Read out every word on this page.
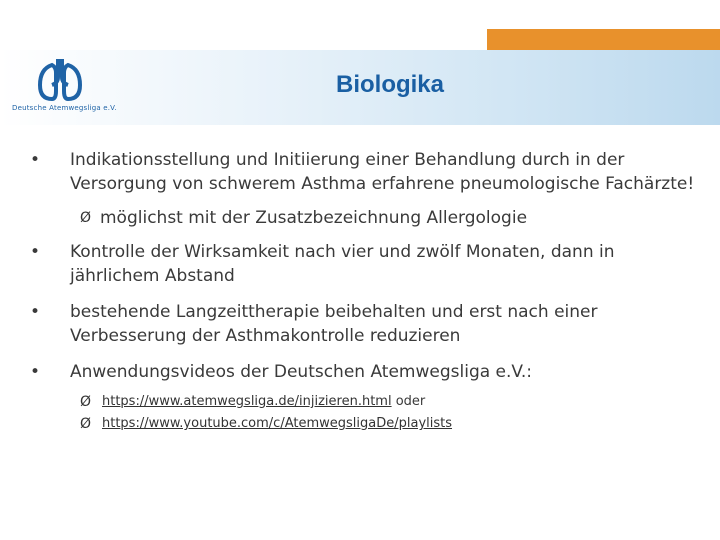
Deutsche Atemwegsliga e.V.
Biologika
•	Indikationsstellung und Initiierung einer Behandlung durch in der Versorgung von schwerem Asthma erfahrene pneumologische Fachärzte!
Ø möglichst mit der Zusatzbezeichnung Allergologie
•	Kontrolle der Wirksamkeit nach vier und zwölf Monaten, dann in jährlichem Abstand
•	bestehende Langzeittherapie beibehalten und erst nach einer Verbesserung der Asthmakontrolle reduzieren
•	Anwendungsvideos der Deutschen Atemwegsliga e.V.:
Ø https://www.atemwegsliga.de/injizieren.html oder
Ø https://www.youtube.com/c/AtemwegsligaDe/playlists
